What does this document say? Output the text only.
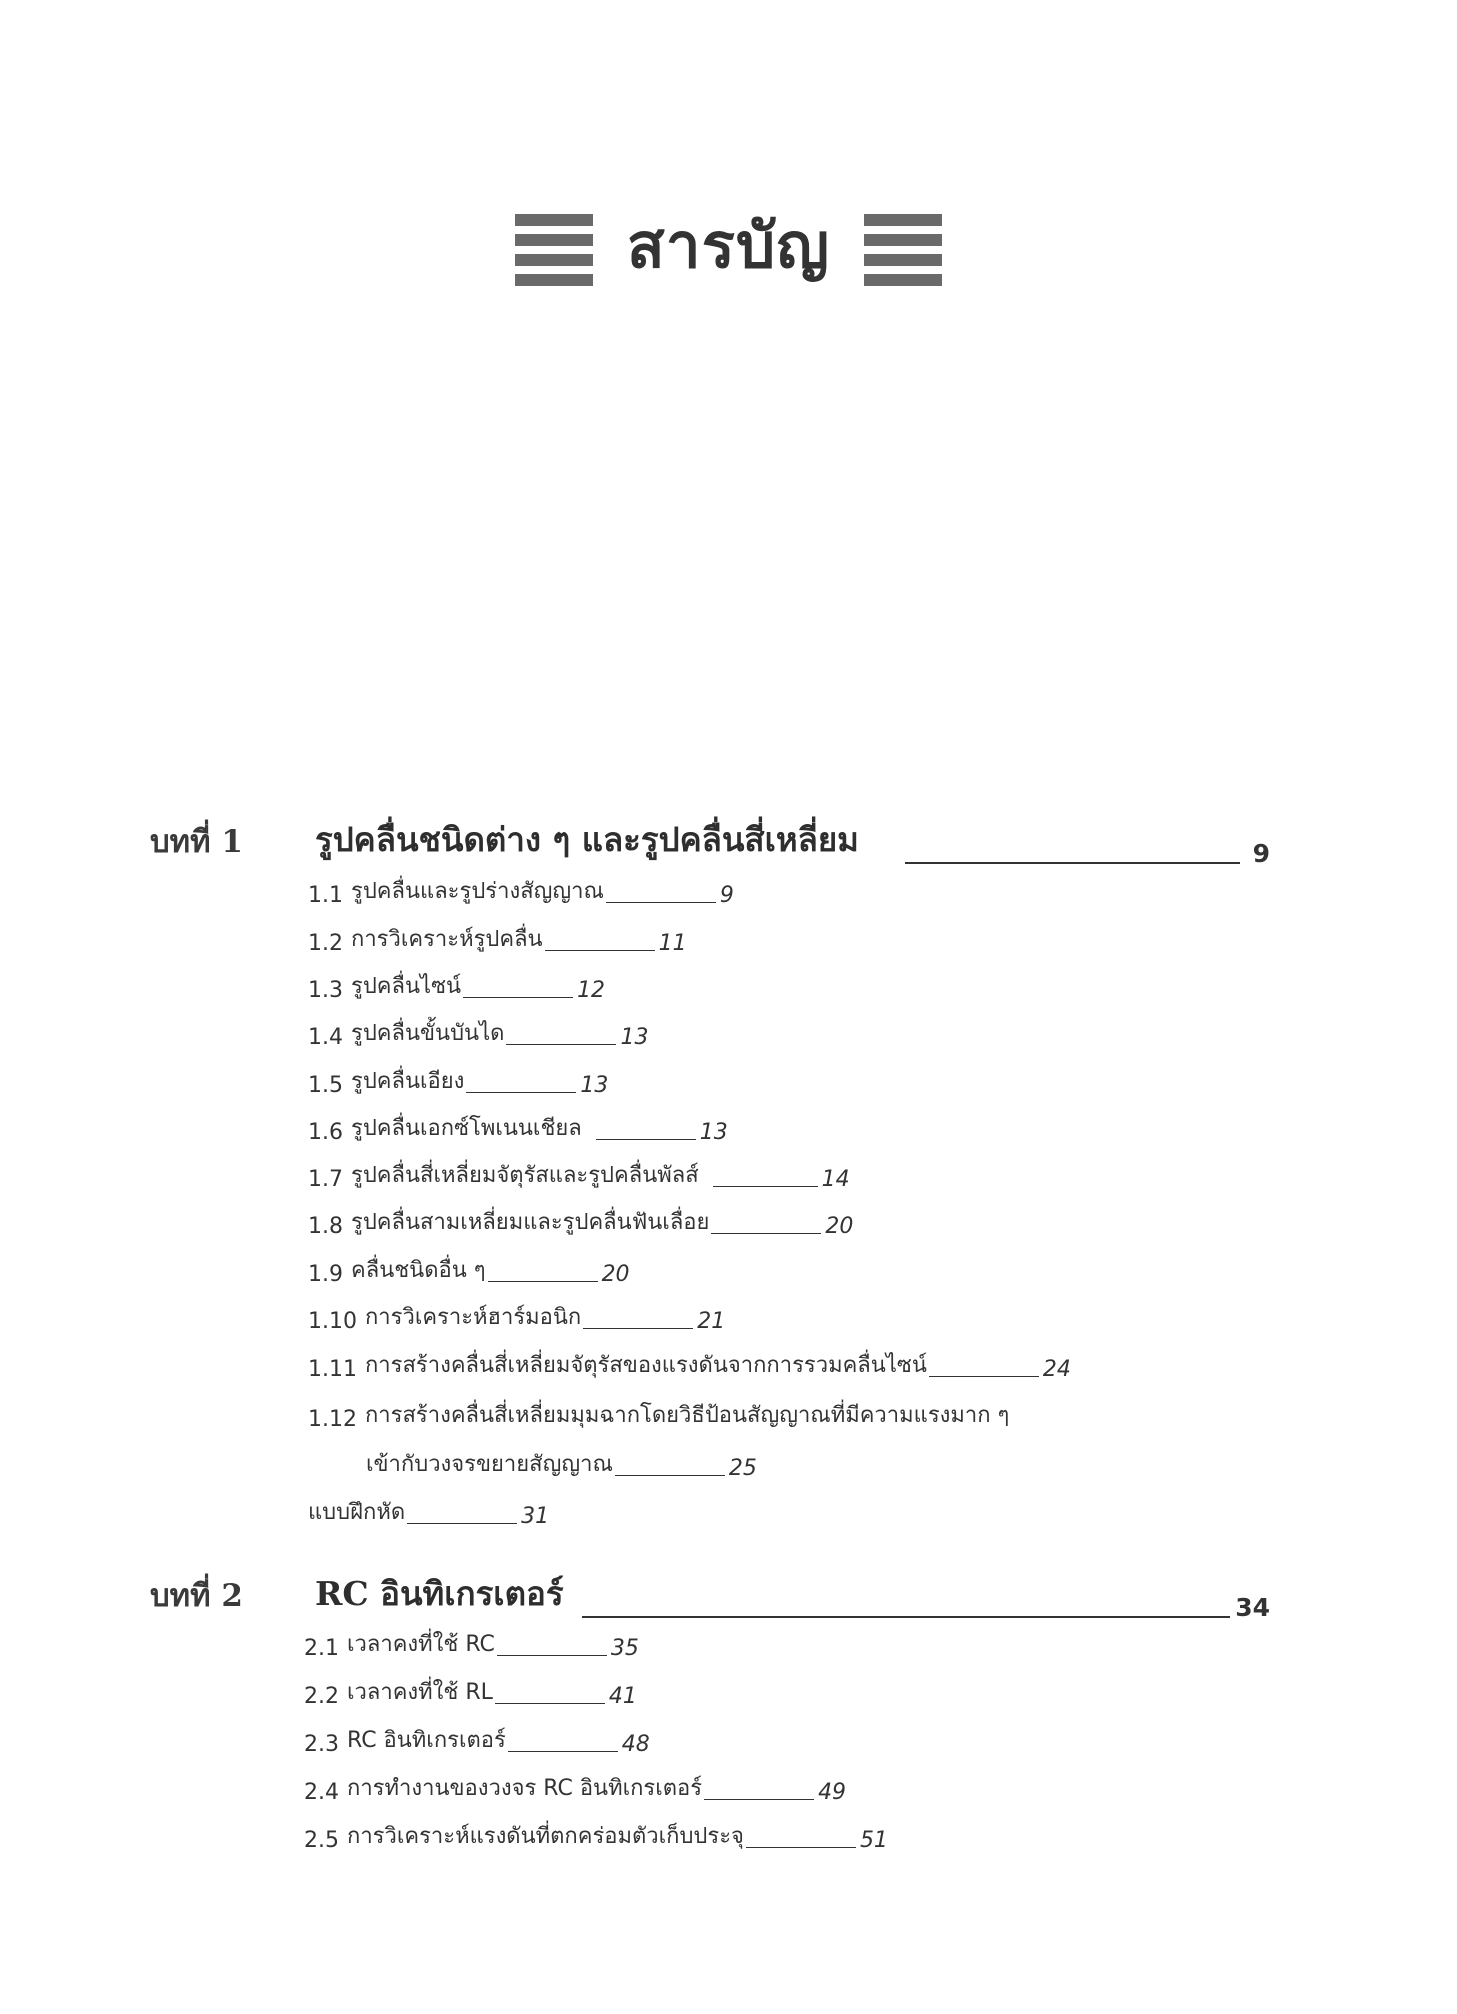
สารบัญ
บทที่ 1 รูปคลื่นชนิดต่าง ๆ และรูปคลื่นสี่เหลี่ยม	9
1.1 รูปคลื่นและรูปร่างสัญญาณ	9
1.2 การวิเคราะห์รูปคลื่น	11
1.3 รูปคลื่นไซน์	12
1.4 รูปคลื่นขั้นบันได	13
1.5 รูปคลื่นเอียง	13
1.6 รูปคลื่นเอกซ์โพเนนเชียล	13
1.7 รูปคลื่นสี่เหลี่ยมจัตุรัสและรูปคลื่นพัลส์	14
1.8 รูปคลื่นสามเหลี่ยมและรูปคลื่นฟันเลื่อย	20
1.9 คลื่นชนิดอื่น ๆ	20
1.10 การวิเคราะห์ฮาร์มอนิก	21
1.11 การสร้างคลื่นสี่เหลี่ยมจัตุรัสของแรงดันจากการรวมคลื่นไซน์	24
1.12 การสร้างคลื่นสี่เหลี่ยมมุมฉากโดยวิธีป้อนสัญญาณที่มีความแรงมาก ๆ
เข้ากับวงจรขยายสัญญาณ	25
แบบฝึกหัด	31
บทที่ 2 RC อินทิเกรเตอร์	34
2.1 เวลาคงที่ใช้ RC	35
2.2 เวลาคงที่ใช้ RL	41
2.3 RC อินทิเกรเตอร์	48
2.4 การทำงานของวงจร RC อินทิเกรเตอร์	49
2.5 การวิเคราะห์แรงดันที่ตกคร่อมตัวเก็บประจุ	51
